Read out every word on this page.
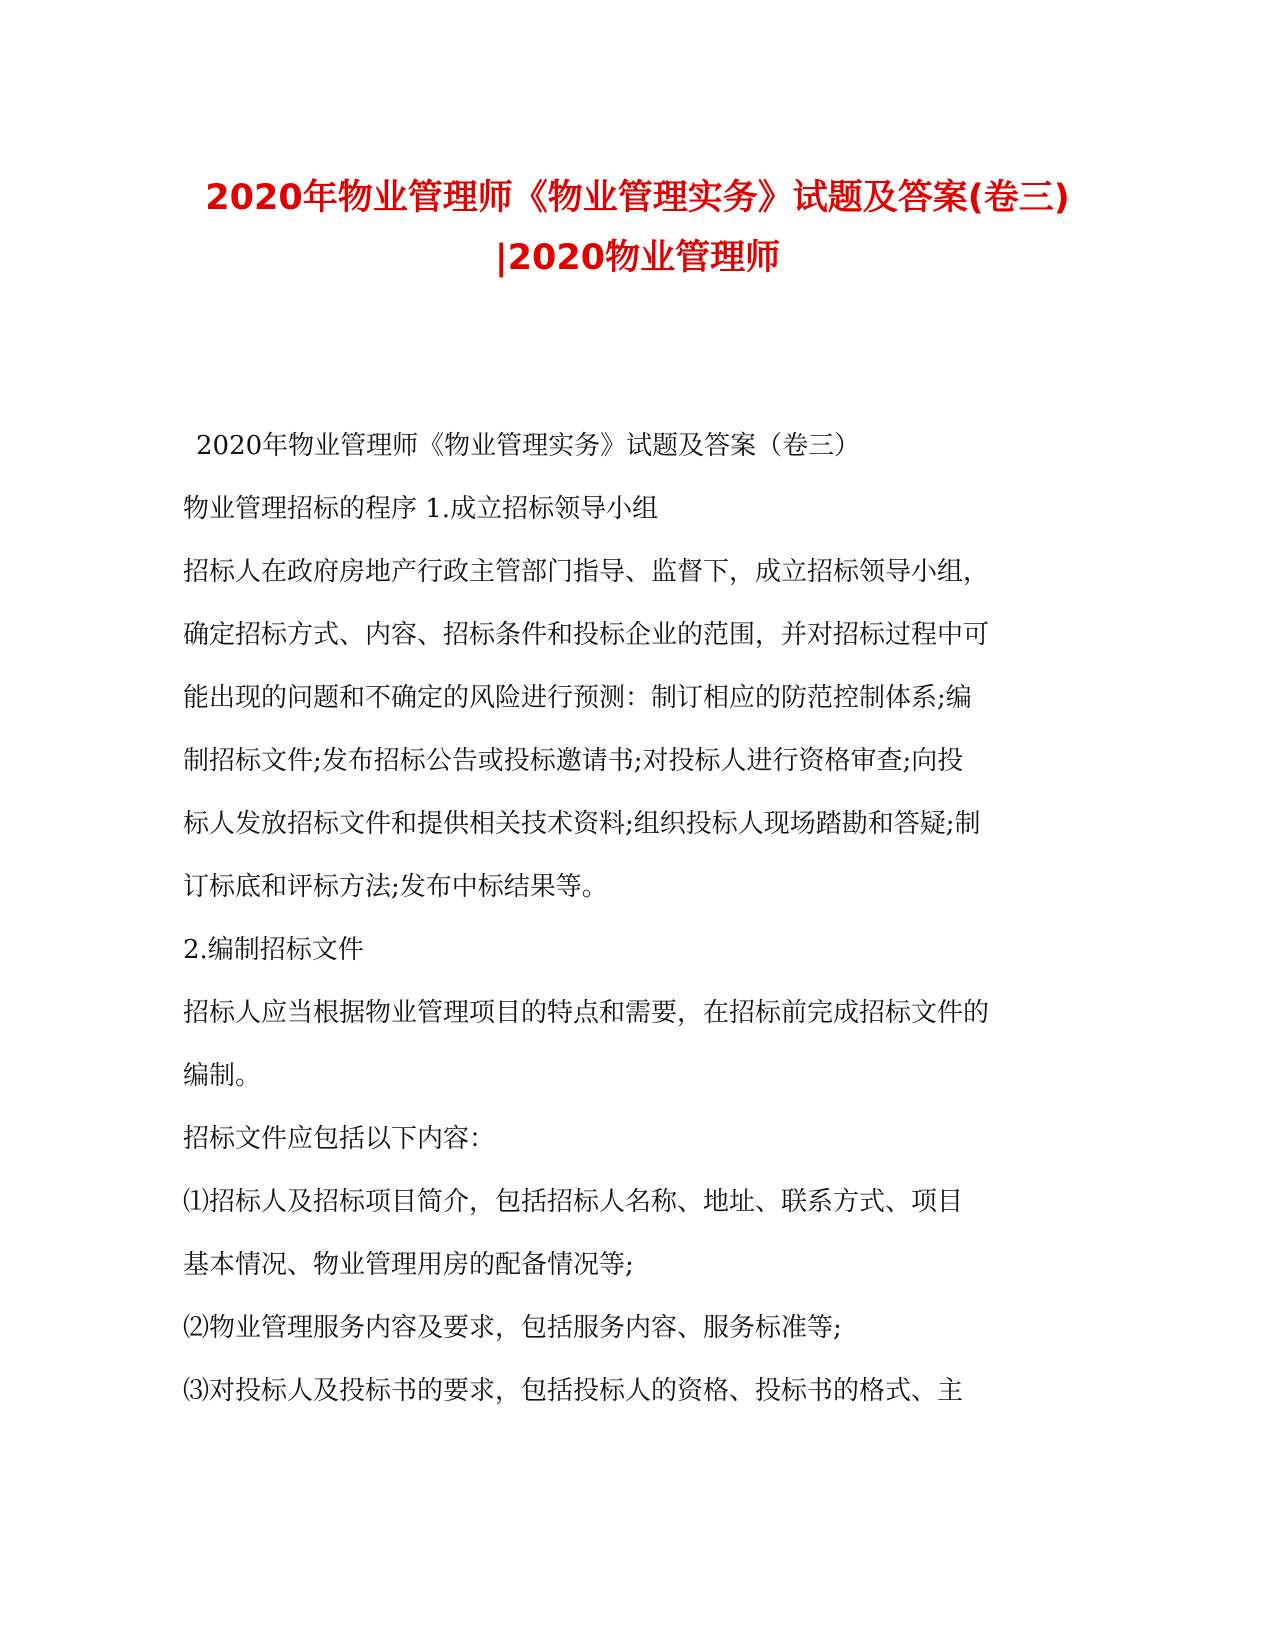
2020年物业管理师《物业管理实务》试题及答案(卷三)
|2020物业管理师

2020年物业管理师《物业管理实务》试题及答案（卷三）

物业管理招标的程序 1.成立招标领导小组

招标人在政府房地产行政主管部门指导、监督下，成立招标领导小组，

确定招标方式、内容、招标条件和投标企业的范围，并对招标过程中可

能出现的问题和不确定的风险进行预测：制订相应的防范控制体系;编

制招标文件;发布招标公告或投标邀请书;对投标人进行资格审查;向投

标人发放招标文件和提供相关技术资料;组织投标人现场踏勘和答疑;制

订标底和评标方法;发布中标结果等。

2.编制招标文件

招标人应当根据物业管理项目的特点和需要，在招标前完成招标文件的

编制。

招标文件应包括以下内容：

⑴招标人及招标项目简介，包括招标人名称、地址、联系方式、项目

基本情况、物业管理用房的配备情况等;

⑵物业管理服务内容及要求，包括服务内容、服务标准等;

⑶对投标人及投标书的要求，包括投标人的资格、投标书的格式、主
